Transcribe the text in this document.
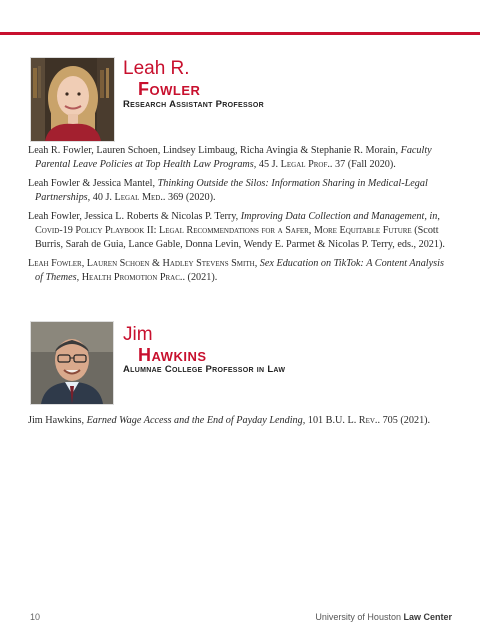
Leah R.
Fowler
Research Assistant Professor

Leah R. Fowler, Lauren Schoen, Lindsey Limbaug, Richa Avingia & Stephanie R. Morain, Faculty Parental Leave Policies at Top Health Law Programs, 45 J. Legal Prof.. 37 (Fall 2020).

Leah Fowler & Jessica Mantel, Thinking Outside the Silos: Information Sharing in Medical-Legal Partnerships, 40 J. Legal Med.. 369 (2020).

Leah Fowler, Jessica L. Roberts & Nicolas P. Terry, Improving Data Collection and Management, in, Covid-19 Policy Playbook II: Legal Recommendations for a Safer, More Equitable Future (Scott Burris, Sarah de Guia, Lance Gable, Donna Levin, Wendy E. Parmet & Nicolas P. Terry, eds., 2021).

Leah Fowler, Lauren Schoen & Hadley Stevens Smith, Sex Education on TikTok: A Content Analysis of Themes, Health Promotion Prac.. (2021).

Jim
Hawkins
Alumnae College Professor in Law

Jim Hawkins, Earned Wage Access and the End of Payday Lending, 101 B.U. L. Rev.. 705 (2021).

10	University of Houston Law Center
